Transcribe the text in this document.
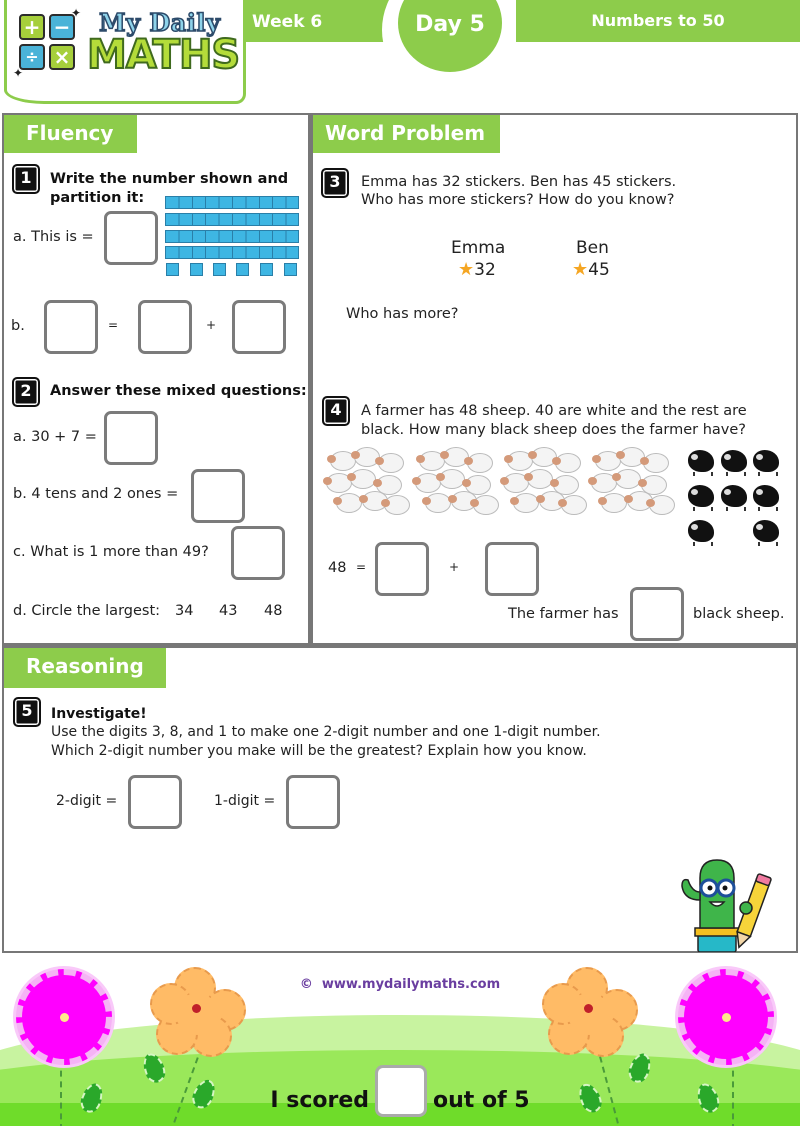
+ −
÷ ×
✦
✦
My Daily
MATHS
Week 6	Day 5	Numbers to 50
Fluency
1	Write the number shown and
partition it:
a. This is =
b.	=	+
2	Answer these mixed questions:
a. 30 + 7 =
b. 4 tens and 2 ones =
c. What is 1 more than 49?
d. Circle the largest: 34 43 48
Word Problem
3	Emma has 32 stickers. Ben has 45 stickers.
Who has more stickers? How do you know?
Emma
★32
Ben
★45
Who has more?
4	A farmer has 48 sheep. 40 are white and the rest are
black. How many black sheep does the farmer have?
48 =	+
The farmer has	black sheep.
Reasoning
5	Investigate!
Use the digits 3, 8, and 1 to make one 2-digit number and one 1-digit number.
Which 2-digit number you make will be the greatest? Explain how you know.
2-digit =	1-digit =
© www.mydailymaths.com
I scored	out of 5
